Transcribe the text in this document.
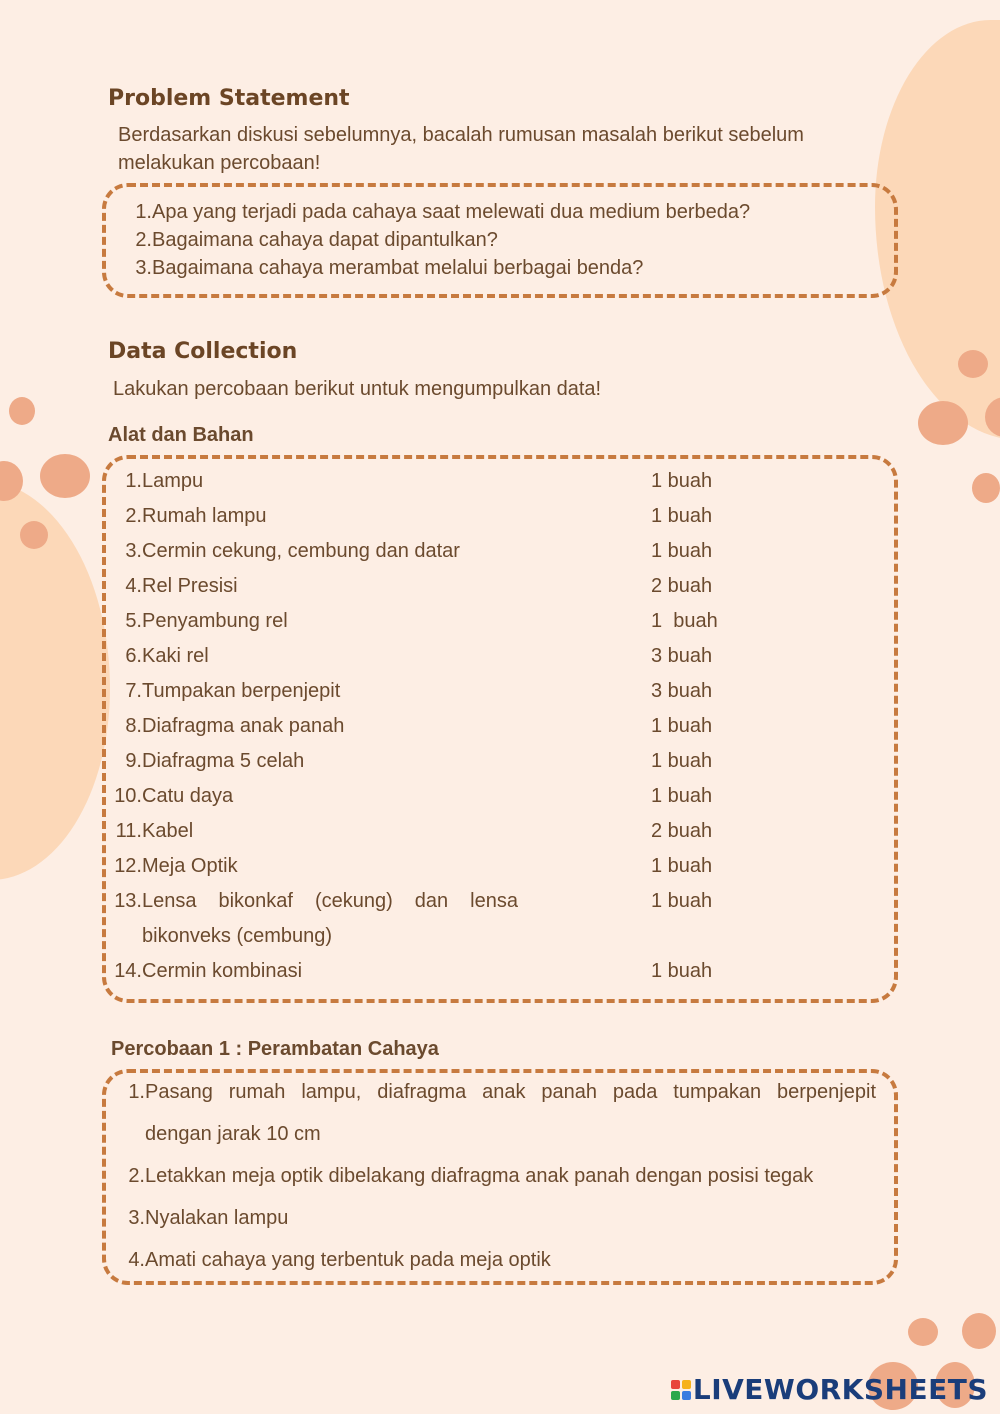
Problem Statement

Berdasarkan diskusi sebelumnya, bacalah rumusan masalah berikut sebelum

melakukan percobaan!

1. Apa yang terjadi pada cahaya saat melewati dua medium berbeda?
2. Bagaimana cahaya dapat dipantulkan?
3. Bagaimana cahaya merambat melalui berbagai benda?
Data Collection

Lakukan percobaan berikut untuk mengumpulkan data!

Alat dan Bahan
1.Lampu	1 buah
2.Rumah lampu	1 buah
3.Cermin cekung, cembung dan datar	1 buah
4.Rel Presisi	2 buah
5.Penyambung rel	1  buah
6.Kaki rel	3 buah
7.Tumpakan berpenjepit	3 buah
8.Diafragma anak panah	1 buah
9.Diafragma 5 celah	1 buah
10.Catu daya	1 buah
11.Kabel	2 buah
12.Meja Optik	1 buah
13.Lensa bikonkaf (cekung) dan lensa	1 buah
bikonveks (cembung)
14.Cermin kombinasi	1 buah
Percobaan 1 : Perambatan Cahaya
1. Pasang rumah lampu, diafragma anak panah pada tumpakan berpenjepit
dengan jarak 10 cm
2. Letakkan meja optik dibelakang diafragma anak panah dengan posisi tegak
3. Nyalakan lampu
4. Amati cahaya yang terbentuk pada meja optik
LIVEWORKSHEETS
